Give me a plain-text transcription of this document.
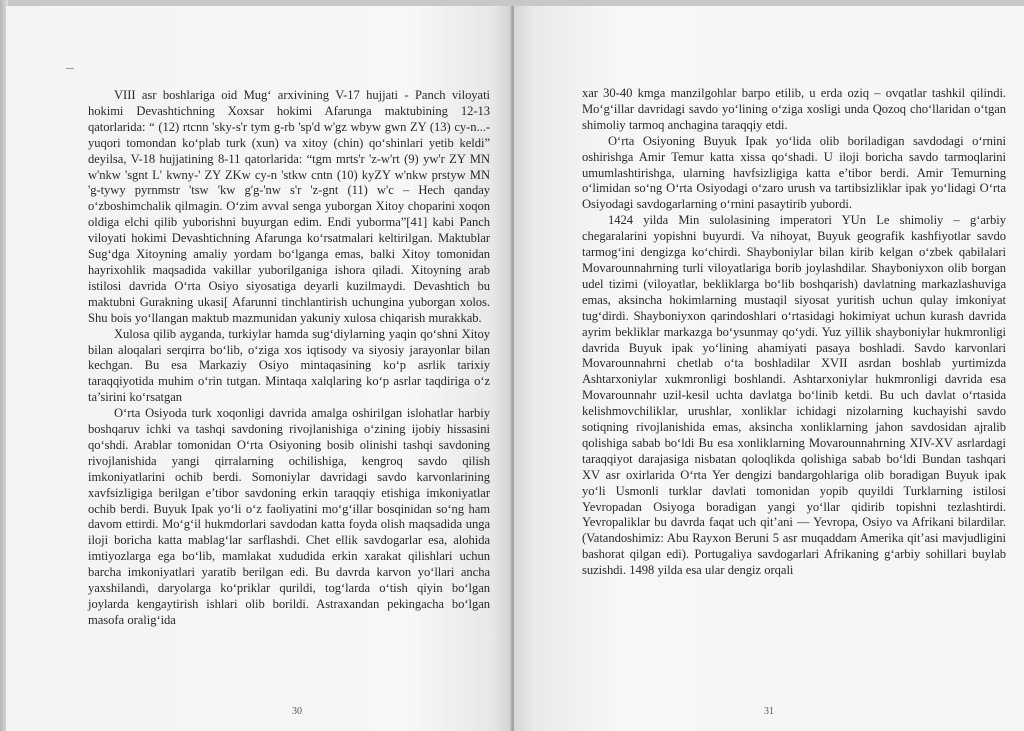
VIII asr boshlariga oid Mug‘ arxivining V-17 hujjati - Panch viloyati hokimi Devashtichning Xoxsar hokimi Afarunga maktubining 12-13 qatorlarida: “ (12) rtcnn 'sky-s'r tym g-rb 'sp'd w'gz wbyw gwn ZY (13) cy-n...- yuqori tomondan ko‘plab turk (xun) va xitoy (chin) qo‘shinlari yetib keldi” deyilsa, V-18 hujjatining 8-11 qatorlarida: “tgm mrts'r 'z-w'rt (9) yw'r ZY MN w'nkw 'sgnt L' kwny-' ZY ZKw cy-n 'stkw cntn (10) kyZY w'nkw prstyw MN 'g-tywy pyrnmstr 'tsw 'kw g'g-'nw s'r 'z-gnt (11) w'c – Hech qanday o‘zboshimchalik qilmagin. O‘zim avval senga yuborgan Xitoy choparini xoqon oldiga elchi qilib yuborishni buyurgan edim. Endi yuborma”[41] kabi Panch viloyati hokimi Devashtichning Afarunga ko‘rsatmalari keltirilgan. Maktublar Sug‘dga Xitoyning amaliy yordam bo‘lganga emas, balki Xitoy tomonidan hayrixohlik maqsadida vakillar yuborilganiga ishora qiladi. Xitoyning arab istilosi davrida O‘rta Osiyo siyosatiga deyarli kuzilmaydi. Devashtich bu maktubni Gurakning ukasi[ Afarunni tinchlantirish uchungina yuborgan xolos. Shu bois yo‘llangan maktub mazmunidan yakuniy xulosa chiqarish murakkab.

Xulosa qilib ayganda, turkiylar hamda sug‘diylarning yaqin qo‘shni Xitoy bilan aloqalari serqirra bo‘lib, o‘ziga xos iqtisody va siyosiy jarayonlar bilan kechgan. Bu esa Markaziy Osiyo mintaqasining ko‘p asrlik tarixiy taraqqiyotida muhim o‘rin tutgan. Mintaqa xalqlaring ko‘p asrlar taqdiriga o‘z ta’sirini ko‘rsatgan

O‘rta Osiyoda turk xoqonligi davrida amalga oshirilgan islohatlar harbiy boshqaruv ichki va tashqi savdoning rivojlanishiga o‘zining ijobiy hissasini qo‘shdi. Arablar tomonidan O‘rta Osiyoning bosib olinishi tashqi savdoning rivojlanishida yangi qirralarning ochilishiga, kengroq savdo qilish imkoniyatlarini ochib berdi. Somoniylar davridagi savdo karvonlarining xavfsizligiga berilgan e’tibor savdoning erkin taraqqiy etishiga imkoniyatlar ochib berdi. Buyuk Ipak yo‘li o‘z faoliyatini mo‘g‘illar bosqinidan so‘ng ham davom ettirdi. Mo‘g‘il hukmdorlari savdodan katta foyda olish maqsadida unga iloji boricha katta mablag‘lar sarflashdi. Chet ellik savdogarlar esa, alohida imtiyozlarga ega bo‘lib, mamlakat xududida erkin xarakat qilishlari uchun barcha imkoniyatlari yaratib berilgan edi. Bu davrda karvon yo‘llari ancha yaxshilandi, daryolarga ko‘priklar qurildi, tog‘larda o‘tish qiyin bo‘lgan joylarda kengaytirish ishlari olib borildi. Astraxandan pekingacha bo‘lgan masofa oralig‘ida

30

xar 30-40 kmga manzilgohlar barpo etilib, u erda oziq – ovqatlar tashkil qilindi. Mo‘g‘illar davridagi savdo yo‘lining o‘ziga xosligi unda Qozoq cho‘llaridan o‘tgan shimoliy tarmoq anchagina taraqqiy etdi.

O‘rta Osiyoning Buyuk Ipak yo‘lida olib boriladigan savdodagi o‘rnini oshirishga Amir Temur katta xissa qo‘shadi. U iloji boricha savdo tarmoqlarini umumlashtirishga, ularning havfsizligiga katta e’tibor berdi. Amir Temurning o‘limidan so‘ng O‘rta Osiyodagi o‘zaro urush va tartibsizliklar ipak yo‘lidagi O‘rta Osiyodagi savdogarlarning o‘rnini pasaytirib yubordi.

1424 yilda Min sulolasining imperatori YUn Le shimoliy – g‘arbiy chegaralarini yopishni buyurdi. Va nihoyat, Buyuk geografik kashfiyotlar savdo tarmog‘ini dengizga ko‘chirdi. Shayboniylar bilan kirib kelgan o‘zbek qabilalari Movarounnahrning turli viloyatlariga borib joylashdilar. Shayboniyxon olib borgan udel tizimi (viloyatlar, bekliklarga bo‘lib boshqarish) davlatning markazlashuviga emas, aksincha hokimlarning mustaqil siyosat yuritish uchun qulay imkoniyat tug‘dirdi. Shayboniyxon qarindoshlari o‘rtasidagi hokimiyat uchun kurash davrida ayrim bekliklar markazga bo‘ysunmay qo‘ydi. Yuz yillik shayboniylar hukmronligi davrida Buyuk ipak yo‘lining ahamiyati pasaya boshladi. Savdo karvonlari Movarounnahrni chetlab o‘ta boshladilar XVII asrdan boshlab yurtimizda Ashtarxoniylar xukmronligi boshlandi. Ashtarxoniylar hukmronligi davrida esa Movarounnahr uzil-kesil uchta davlatga bo‘linib ketdi. Bu uch davlat o‘rtasida kelishmovchiliklar, urushlar, xonliklar ichidagi nizolarning kuchayishi savdo sotiqning rivojlanishida emas, aksincha xonliklarning jahon savdosidan ajralib qolishiga sabab bo‘ldi Bu esa xonliklarning Movarounnahrning XIV-XV asrlardagi taraqqiyot darajasiga nisbatan qoloqlikda qolishiga sabab bo‘ldi Bundan tashqari XV asr oxirlarida O‘rta Yer dengizi bandargohlariga olib boradigan Buyuk ipak yo‘li Usmonli turklar davlati tomonidan yopib quyildi Turklarning istilosi Yevropadan Osiyoga boradigan yangi yo‘llar qidirib topishni tezlashtirdi. Yevropaliklar bu davrda faqat uch qit’ani — Yevropa, Osiyo va Afrikani bilardilar. (Vatandoshimiz: Abu Rayxon Beruni 5 asr muqaddam Amerika qit’asi mavjudligini bashorat qilgan edi). Portugaliya savdogarlari Afrikaning g‘arbiy sohillari buylab suzishdi. 1498 yilda esa ular dengiz orqali

31
